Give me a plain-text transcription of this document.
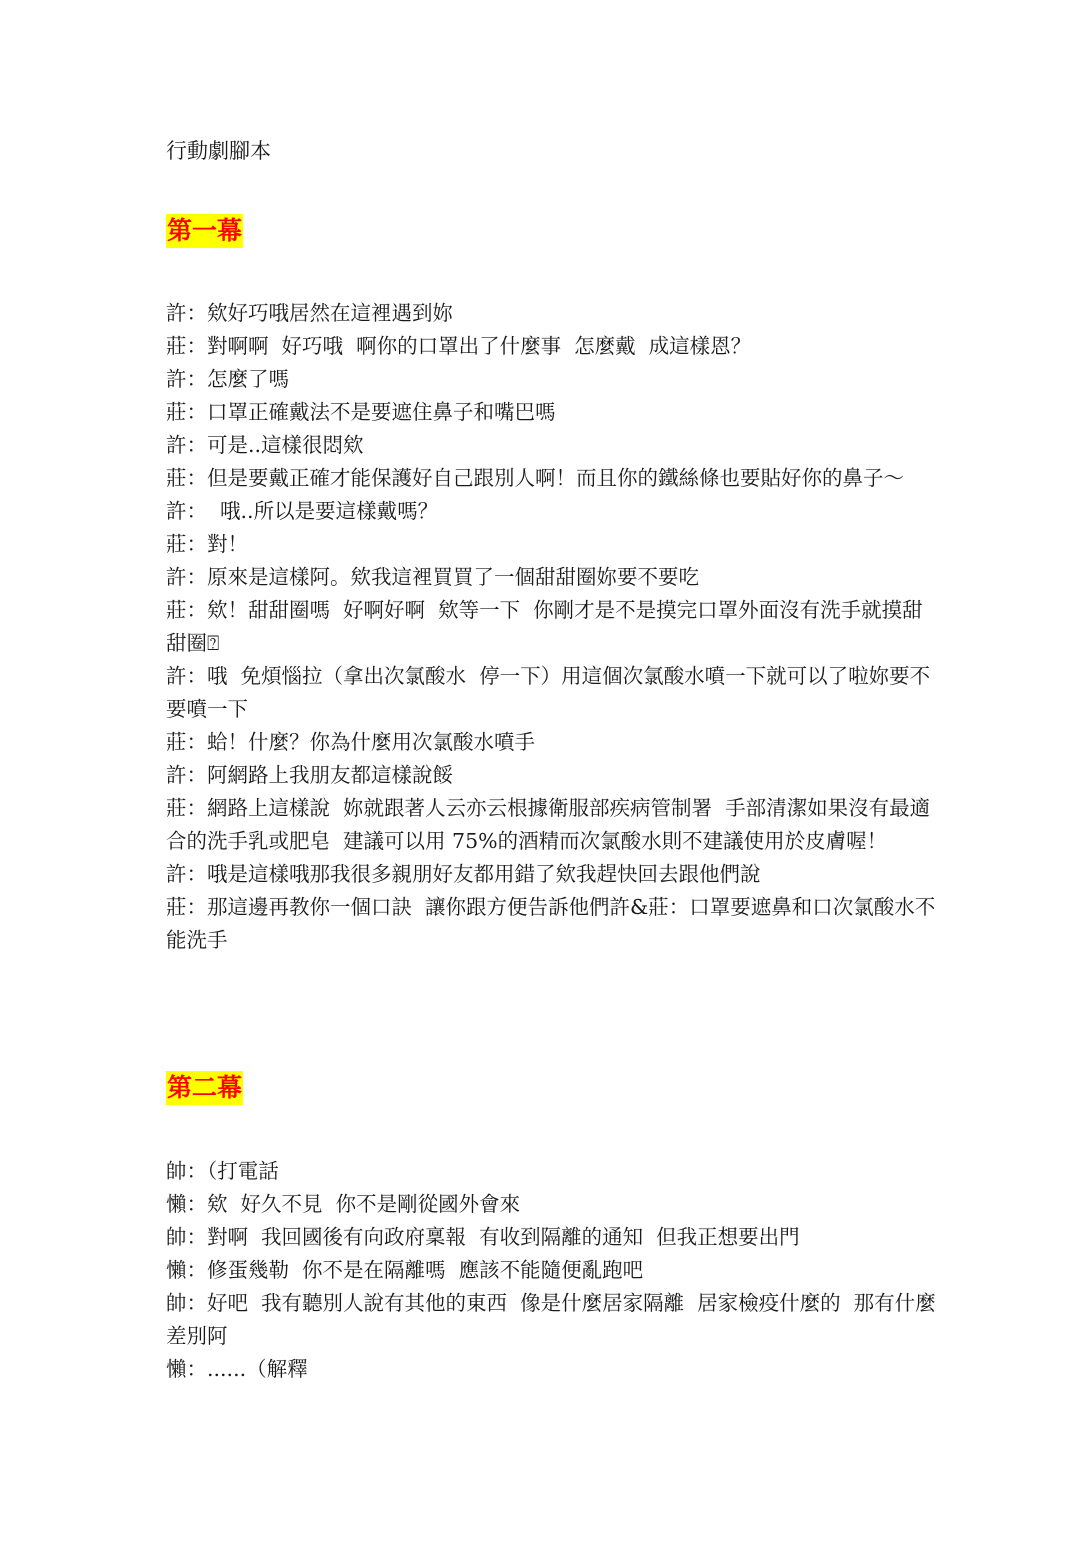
行動劇腳本
第一幕
許：欸好巧哦居然在這裡遇到妳
莊：對啊啊  好巧哦  啊你的口罩出了什麼事  怎麼戴  成這樣恩？
許：怎麼了嗎
莊：口罩正確戴法不是要遮住鼻子和嘴巴嗎
許：可是..這樣很悶欸
莊：但是要戴正確才能保護好自己跟別人啊！而且你的鐵絲條也要貼好你的鼻子～
許：  哦..所以是要這樣戴嗎？
莊：對！
許：原來是這樣阿。欸我這裡買買了一個甜甜圈妳要不要吃
莊：欸！甜甜圈嗎  好啊好啊  欸等一下  你剛才是不是摸完口罩外面沒有洗手就摸甜甜圈⍰
許：哦  免煩惱拉（拿出次氯酸水  停一下）用這個次氯酸水噴一下就可以了啦妳要不要噴一下
莊：蛤！什麼？你為什麼用次氯酸水噴手
許：阿網路上我朋友都這樣說餒
莊：網路上這樣說  妳就跟著人云亦云根據衛服部疾病管制署  手部清潔如果沒有最適合的洗手乳或肥皂  建議可以用 75%的酒精而次氯酸水則不建議使用於皮膚喔！
許：哦是這樣哦那我很多親朋好友都用錯了欸我趕快回去跟他們說
莊：那這邊再教你一個口訣  讓你跟方便告訴他們許&莊：口罩要遮鼻和口次氯酸水不能洗手
第二幕
帥：（打電話
懶：欸  好久不見  你不是剛從國外會來
帥：對啊  我回國後有向政府稟報  有收到隔離的通知  但我正想要出門
懶：修蛋幾勒  你不是在隔離嗎  應該不能隨便亂跑吧
帥：好吧  我有聽別人說有其他的東西  像是什麼居家隔離  居家檢疫什麼的  那有什麼差別阿
懶：......（解釋
